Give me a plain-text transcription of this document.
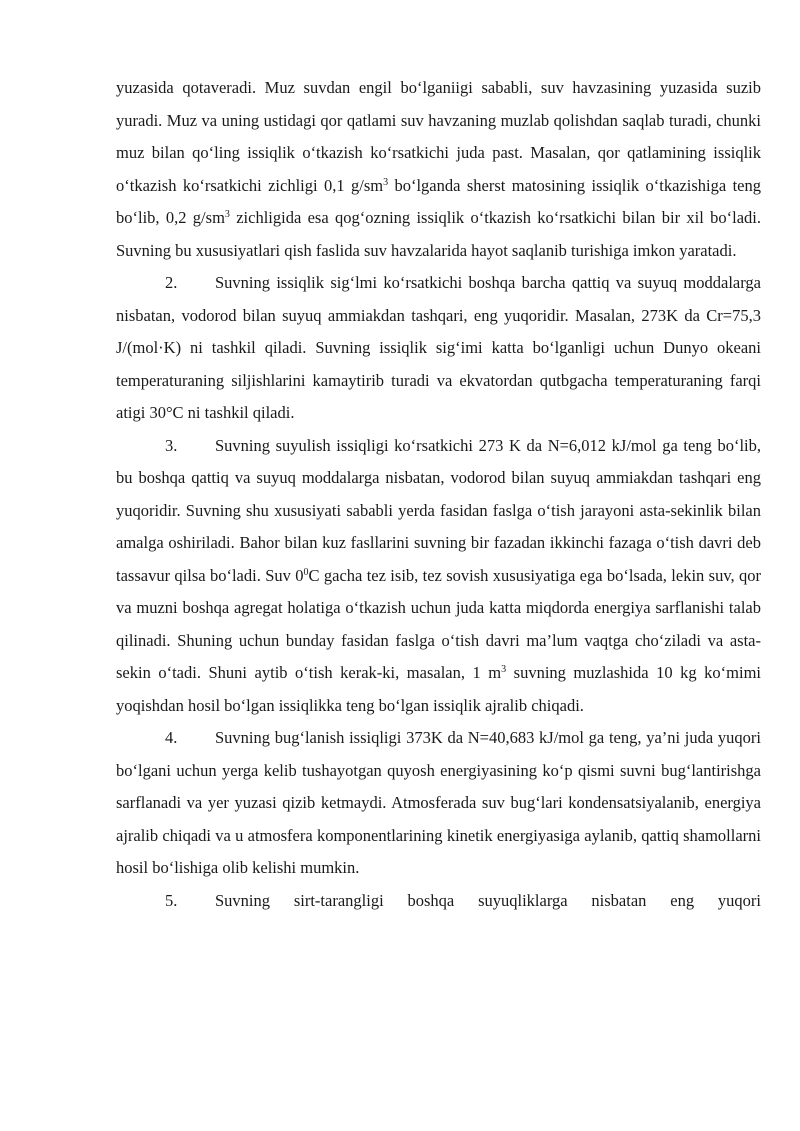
yuzasida qotaveradi. Muz suvdan engil bo‘lganiigi sababli, suv havzasining yuzasida suzib yuradi. Muz va uning ustidagi qor qatlami suv havzaning muzlab qolishdan saqlab turadi, chunki muz bilan qo‘ling issiqlik o‘tkazish ko‘rsatkichi juda past. Masalan, qor qatlamining issiqlik o‘tkazish ko‘rsatkichi zichligi 0,1 $g/sm^3$ bo‘lganda sherst matosining issiqlik o‘tkazishiga teng bo‘lib, 0,2 $g/sm^3$ zichligida esa qog‘ozning issiqlik o‘tkazish ko‘rsatkichi bilan bir xil bo‘ladi. Suvning bu xususiyatlari qish faslida suv havzalarida hayot saqlanib turishiga imkon yaratadi.

2. Suvning issiqlik sig‘lmi ko‘rsatkichi boshqa barcha qattiq va suyuq moddalarga nisbatan, vodorod bilan suyuq ammiakdan tashqari, eng yuqoridir. Masalan, 273K da Cr=75,3 J/(mol·K) ni tashkil qiladi. Suvning issiqlik sig‘imi katta bo‘lganligi uchun Dunyo okeani temperaturaning siljishlarini kamaytirib turadi va ekvatordan qutbgacha temperaturaning farqi atigi 30°C ni tashkil qiladi.

3. Suvning suyulish issiqligi ko‘rsatkichi 273 K da N=6,012 kJ/mol ga teng bo‘lib, bu boshqa qattiq va suyuq moddalarga nisbatan, vodorod bilan suyuq ammiakdan tashqari eng yuqoridir. Suvning shu xususiyati sababli yerda fasidan faslga o‘tish jarayoni asta-sekinlik bilan amalga oshiriladi. Bahor bilan kuz fasllarini suvning bir fazadan ikkinchi fazaga o‘tish davri deb tassavur qilsa bo‘ladi. Suv $0^0C$ gacha tez isib, tez sovish xususiyatiga ega bo‘lsada, lekin suv, qor va muzni boshqa agregat holatiga o‘tkazish uchun juda katta miqdorda energiya sarflanishi talab qilinadi. Shuning uchun bunday fasidan faslga o‘tish davri ma’lum vaqtga cho‘ziladi va asta-sekin o‘tadi. Shuni aytib o‘tish kerak-ki, masalan, 1 $m^3$ suvning muzlashida 10 kg ko‘mimi yoqishdan hosil bo‘lgan issiqlikka teng bo‘lgan issiqlik ajralib chiqadi.

4. Suvning bug‘lanish issiqligi 373K da N=40,683 kJ/mol ga teng, ya’ni juda yuqori bo‘lgani uchun yerga kelib tushayotgan quyosh energiyasining ko‘p qismi suvni bug‘lantirishga sarflanadi va yer yuzasi qizib ketmaydi. Atmosferada suv bug‘lari kondensatsiyalanib, energiya ajralib chiqadi va u atmosfera komponentlarining kinetik energiyasiga aylanib, qattiq shamollarni hosil bo‘lishiga olib kelishi mumkin.

5. Suvning sirt-tarangligi boshqa suyuqliklarga nisbatan eng yuqori
